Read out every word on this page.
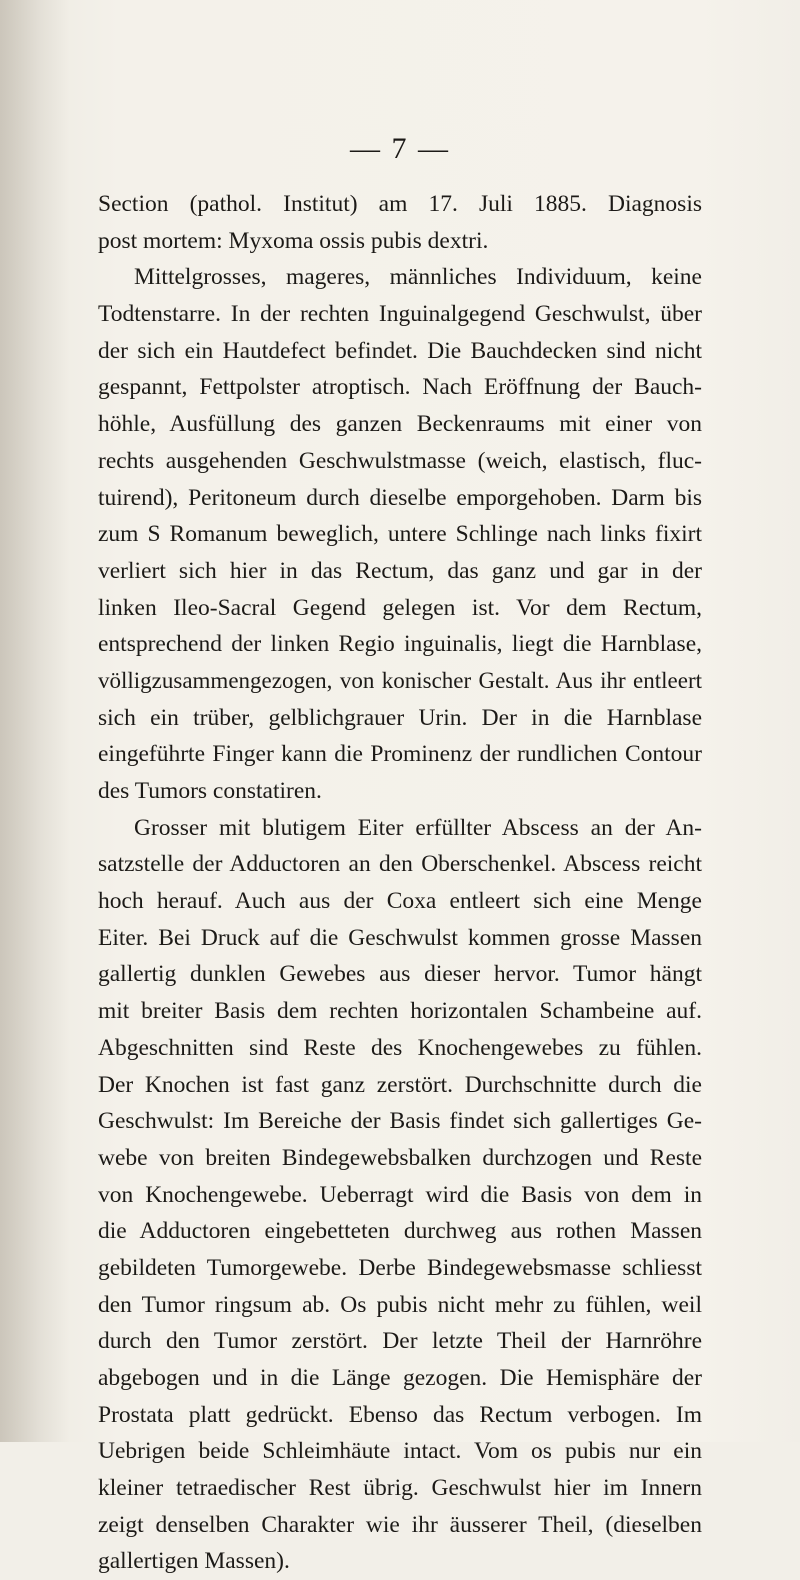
— 7 —
Section (pathol. Institut) am 17. Juli 1885. Diagnosis
post mortem: Myxoma ossis pubis dextri.
Mittelgrosses, mageres, männliches Individuum, keine
Todtenstarre. In der rechten Inguinalgegend Geschwulst, über
der sich ein Hautdefect befindet. Die Bauchdecken sind nicht
gespannt, Fettpolster atroptisch. Nach Eröffnung der Bauch-
höhle, Ausfüllung des ganzen Beckenraums mit einer von
rechts ausgehenden Geschwulstmasse (weich, elastisch, fluc-
tuirend), Peritoneum durch dieselbe emporgehoben. Darm bis
zum S Romanum beweglich, untere Schlinge nach links fixirt
verliert sich hier in das Rectum, das ganz und gar in der
linken Ileo-Sacral Gegend gelegen ist. Vor dem Rectum,
entsprechend der linken Regio inguinalis, liegt die Harnblase,
völligzusammengezogen, von konischer Gestalt. Aus ihr entleert
sich ein trüber, gelblichgrauer Urin. Der in die Harnblase
eingeführte Finger kann die Prominenz der rundlichen Contour
des Tumors constatiren.
Grosser mit blutigem Eiter erfüllter Abscess an der An-
satzstelle der Adductoren an den Oberschenkel. Abscess reicht
hoch herauf. Auch aus der Coxa entleert sich eine Menge
Eiter. Bei Druck auf die Geschwulst kommen grosse Massen
gallertig dunklen Gewebes aus dieser hervor. Tumor hängt
mit breiter Basis dem rechten horizontalen Schambeine auf.
Abgeschnitten sind Reste des Knochengewebes zu fühlen.
Der Knochen ist fast ganz zerstört. Durchschnitte durch die
Geschwulst: Im Bereiche der Basis findet sich gallertiges Ge-
webe von breiten Bindegewebsbalken durchzogen und Reste
von Knochengewebe. Ueberragt wird die Basis von dem in
die Adductoren eingebetteten durchweg aus rothen Massen
gebildeten Tumorgewebe. Derbe Bindegewebsmasse schliesst
den Tumor ringsum ab. Os pubis nicht mehr zu fühlen, weil
durch den Tumor zerstört. Der letzte Theil der Harnröhre
abgebogen und in die Länge gezogen. Die Hemisphäre der
Prostata platt gedrückt. Ebenso das Rectum verbogen. Im
Uebrigen beide Schleimhäute intact. Vom os pubis nur ein
kleiner tetraedischer Rest übrig. Geschwulst hier im Innern
zeigt denselben Charakter wie ihr äusserer Theil, (dieselben
gallertigen Massen).
